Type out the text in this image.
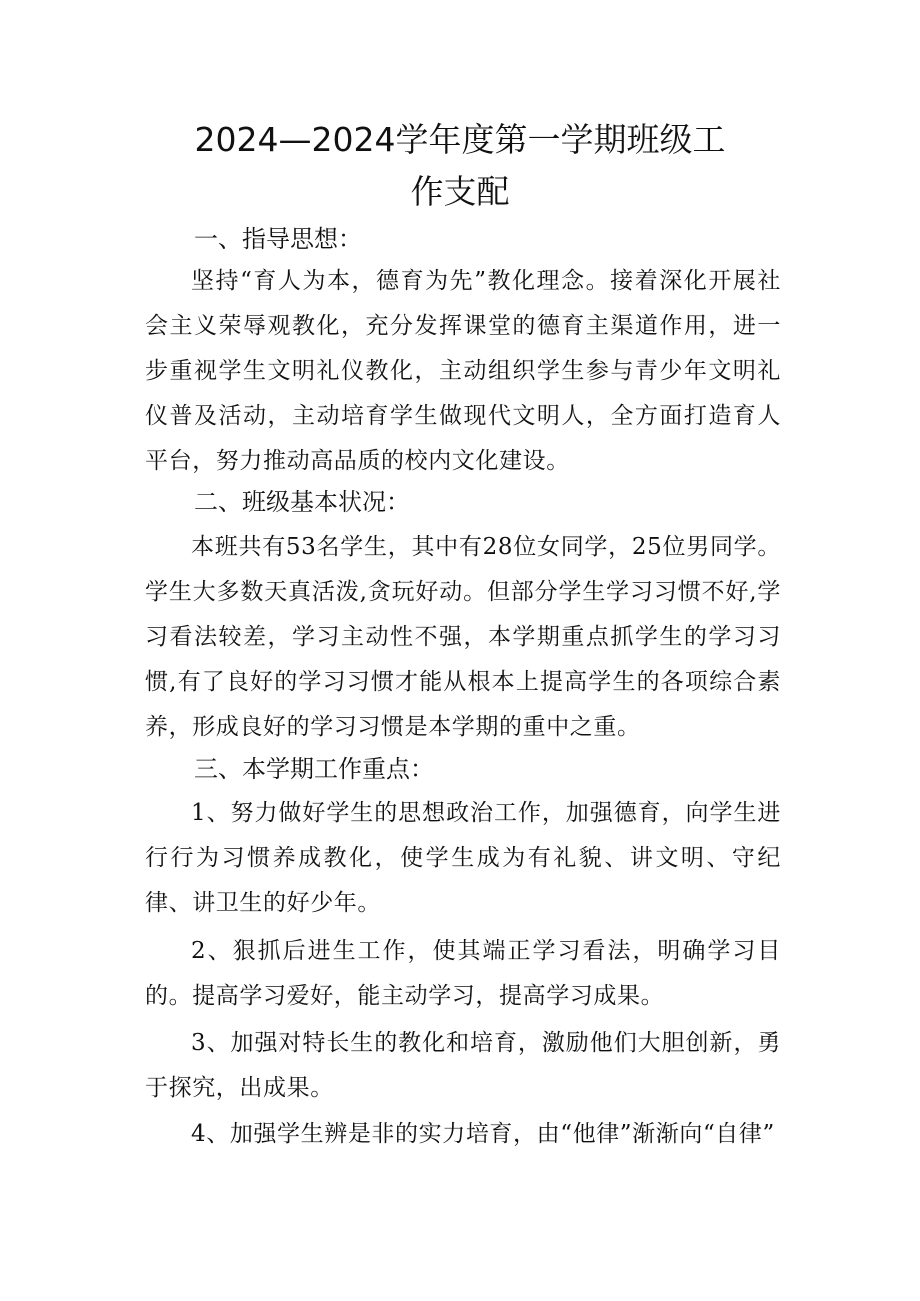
2024—2024学年度第一学期班级工
作支配
一、指导思想：
坚持“育人为本，德育为先”教化理念。接着深化开展社会主义荣辱观教化，充分发挥课堂的德育主渠道作用，进一步重视学生文明礼仪教化，主动组织学生参与青少年文明礼仪普及活动，主动培育学生做现代文明人，全方面打造育人平台，努力推动高品质的校内文化建设。
二、班级基本状况：
本班共有53名学生，其中有28位女同学，25位男同学。学生大多数天真活泼,贪玩好动。但部分学生学习习惯不好,学习看法较差，学习主动性不强，本学期重点抓学生的学习习惯,有了良好的学习习惯才能从根本上提高学生的各项综合素养，形成良好的学习习惯是本学期的重中之重。
三、本学期工作重点：
1、努力做好学生的思想政治工作，加强德育，向学生进行行为习惯养成教化，使学生成为有礼貌、讲文明、守纪律、讲卫生的好少年。
2、狠抓后进生工作，使其端正学习看法，明确学习目的。提高学习爱好，能主动学习，提高学习成果。
3、加强对特长生的教化和培育，激励他们大胆创新，勇于探究，出成果。
4、加强学生辨是非的实力培育，由“他律”渐渐向“自律”
